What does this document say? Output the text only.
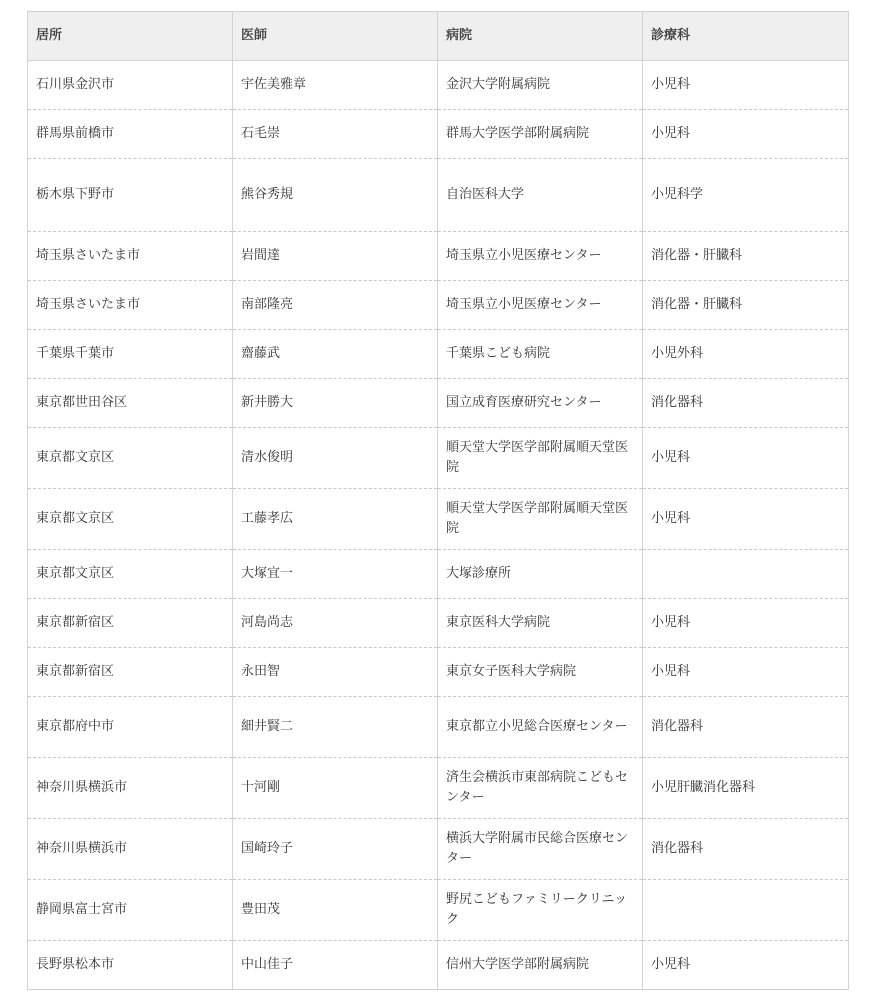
居所	医師	病院	診療科
石川県金沢市	宇佐美雅章	金沢大学附属病院	小児科
群馬県前橋市	石毛崇	群馬大学医学部附属病院	小児科
栃木県下野市	熊谷秀規	自治医科大学	小児科学
埼玉県さいたま市	岩間達	埼玉県立小児医療センター	消化器・肝臓科
埼玉県さいたま市	南部隆亮	埼玉県立小児医療センター	消化器・肝臓科
千葉県千葉市	齋藤武	千葉県こども病院	小児外科
東京都世田谷区	新井勝大	国立成育医療研究センター	消化器科
東京都文京区	清水俊明	順天堂大学医学部附属順天堂医院	小児科
東京都文京区	工藤孝広	順天堂大学医学部附属順天堂医院	小児科
東京都文京区	大塚宜一	大塚診療所	
東京都新宿区	河島尚志	東京医科大学病院	小児科
東京都新宿区	永田智	東京女子医科大学病院	小児科
東京都府中市	細井賢二	東京都立小児総合医療センター	消化器科
神奈川県横浜市	十河剛	済生会横浜市東部病院こどもセンター	小児肝臓消化器科
神奈川県横浜市	国崎玲子	横浜大学附属市民総合医療センター	消化器科
静岡県富士宮市	豊田茂	野尻こどもファミリークリニック	
長野県松本市	中山佳子	信州大学医学部附属病院	小児科
